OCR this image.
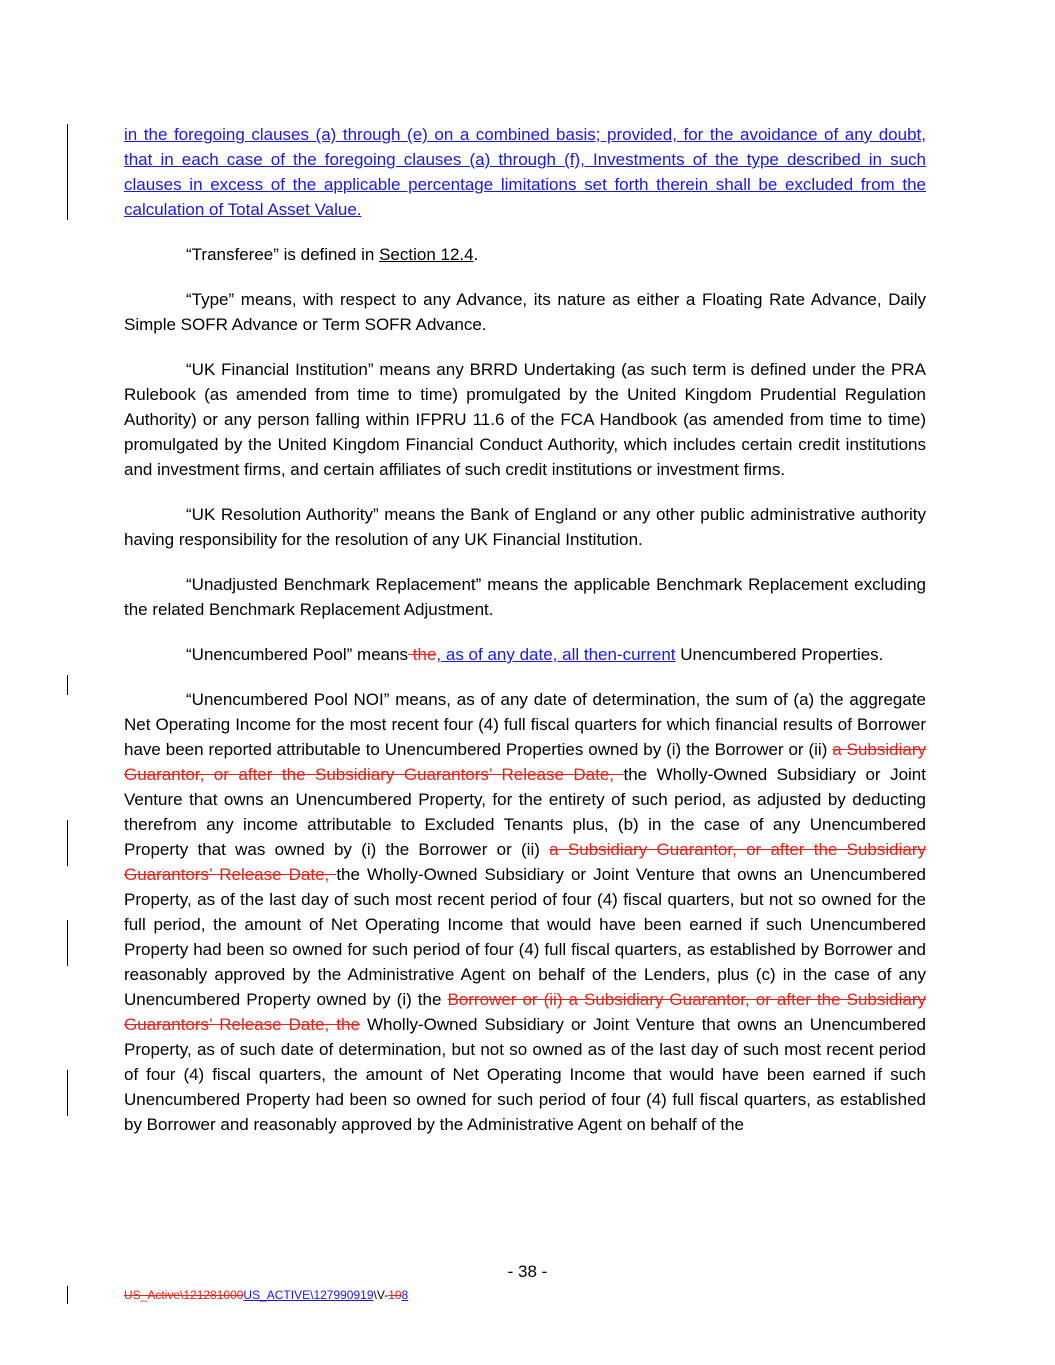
in the foregoing clauses (a) through (e) on a combined basis; provided, for the avoidance of any doubt, that in each case of the foregoing clauses (a) through (f), Investments of the type described in such clauses in excess of the applicable percentage limitations set forth therein shall be excluded from the calculation of Total Asset Value.

“Transferee” is defined in Section 12.4.

“Type” means, with respect to any Advance, its nature as either a Floating Rate Advance, Daily Simple SOFR Advance or Term SOFR Advance.

“UK Financial Institution” means any BRRD Undertaking (as such term is defined under the PRA Rulebook (as amended from time to time) promulgated by the United Kingdom Prudential Regulation Authority) or any person falling within IFPRU 11.6 of the FCA Handbook (as amended from time to time) promulgated by the United Kingdom Financial Conduct Authority, which includes certain credit institutions and investment firms, and certain affiliates of such credit institutions or investment firms.

“UK Resolution Authority” means the Bank of England or any other public administrative authority having responsibility for the resolution of any UK Financial Institution.

“Unadjusted Benchmark Replacement” means the applicable Benchmark Replacement excluding the related Benchmark Replacement Adjustment.

“Unencumbered Pool” means the, as of any date, all then-current Unencumbered Properties.

“Unencumbered Pool NOI” means, as of any date of determination, the sum of (a) the aggregate Net Operating Income for the most recent four (4) full fiscal quarters for which financial results of Borrower have been reported attributable to Unencumbered Properties owned by (i) the Borrower or (ii) a Subsidiary Guarantor, or after the Subsidiary Guarantors’ Release Date, the Wholly-Owned Subsidiary or Joint Venture that owns an Unencumbered Property, for the entirety of such period, as adjusted by deducting therefrom any income attributable to Excluded Tenants plus, (b) in the case of any Unencumbered Property that was owned by (i) the Borrower or (ii) a Subsidiary Guarantor, or after the Subsidiary Guarantors’ Release Date, the Wholly-Owned Subsidiary or Joint Venture that owns an Unencumbered Property, as of the last day of such most recent period of four (4) fiscal quarters, but not so owned for the full period, the amount of Net Operating Income that would have been earned if such Unencumbered Property had been so owned for such period of four (4) full fiscal quarters, as established by Borrower and reasonably approved by the Administrative Agent on behalf of the Lenders, plus (c) in the case of any Unencumbered Property owned by (i) the Borrower or (ii) a Subsidiary Guarantor, or after the Subsidiary Guarantors’ Release Date, the Wholly-Owned Subsidiary or Joint Venture that owns an Unencumbered Property, as of such date of determination, but not so owned as of the last day of such most recent period of four (4) fiscal quarters, the amount of Net Operating Income that would have been earned if such Unencumbered Property had been so owned for such period of four (4) full fiscal quarters, as established by Borrower and reasonably approved by the Administrative Agent on behalf of the

- 38 -
US_Active\121281000US_ACTIVE\127990919\V-108
